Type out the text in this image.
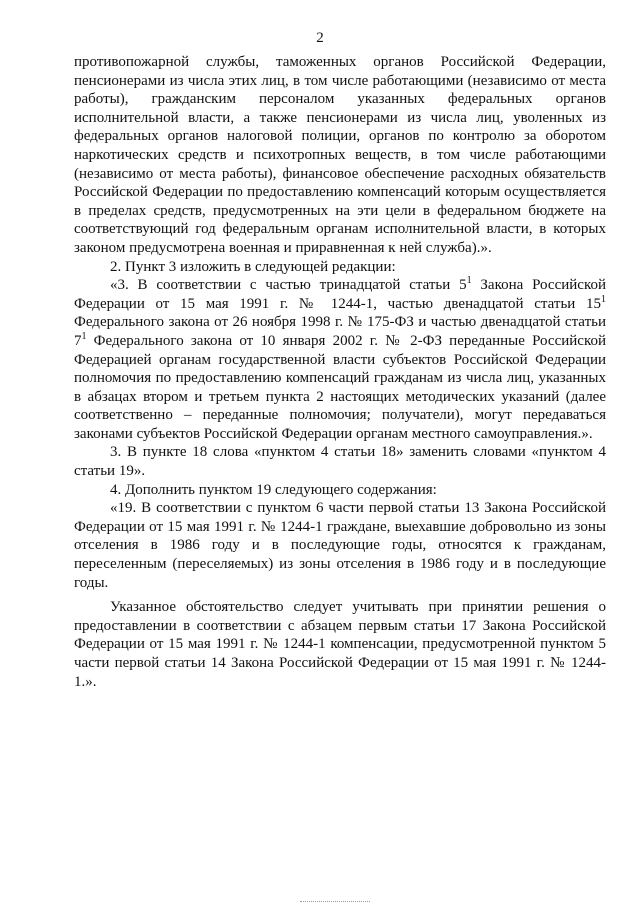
2

противопожарной службы, таможенных органов Российской Федерации, пенсионерами из числа этих лиц, в том числе работающими (независимо от места работы), гражданским персоналом указанных федеральных органов исполнительной власти, а также пенсионерами из числа лиц, уволенных из федеральных органов налоговой полиции, органов по контролю за оборотом наркотических средств и психотропных веществ, в том числе работающими (независимо от места работы), финансовое обеспечение расходных обязательств Российской Федерации по предоставлению компенсаций которым осуществляется в пределах средств, предусмотренных на эти цели в федеральном бюджете на соответствующий год федеральным органам исполнительной власти, в которых законом предусмотрена военная и приравненная к ней служба).».

2. Пункт 3 изложить в следующей редакции:

«3. В соответствии с частью тринадцатой статьи $5^1$ Закона Российской Федерации от 15 мая 1991 г. № 1244-1, частью двенадцатой статьи $15^1$ Федерального закона от 26 ноября 1998 г. № 175-ФЗ и частью двенадцатой статьи $7^1$ Федерального закона от 10 января 2002 г. № 2-ФЗ переданные Российской Федерацией органам государственной власти субъектов Российской Федерации полномочия по предоставлению компенсаций гражданам из числа лиц, указанных в абзацах втором и третьем пункта 2 настоящих методических указаний (далее соответственно – переданные полномочия; получатели), могут передаваться законами субъектов Российской Федерации органам местного самоуправления.».

3. В пункте 18 слова «пунктом 4 статьи 18» заменить словами «пунктом 4 статьи 19».

4. Дополнить пунктом 19 следующего содержания:

«19. В соответствии с пунктом 6 части первой статьи 13 Закона Российской Федерации от 15 мая 1991 г. № 1244-1 граждане, выехавшие добровольно из зоны отселения в 1986 году и в последующие годы, относятся к гражданам, переселенным (переселяемых) из зоны отселения в 1986 году и в последующие годы.

Указанное обстоятельство следует учитывать при принятии решения о предоставлении в соответствии с абзацем первым статьи 17 Закона Российской Федерации от 15 мая 1991 г. № 1244-1 компенсации, предусмотренной пунктом 5 части первой статьи 14 Закона Российской Федерации от 15 мая 1991 г. № 1244-1.».
